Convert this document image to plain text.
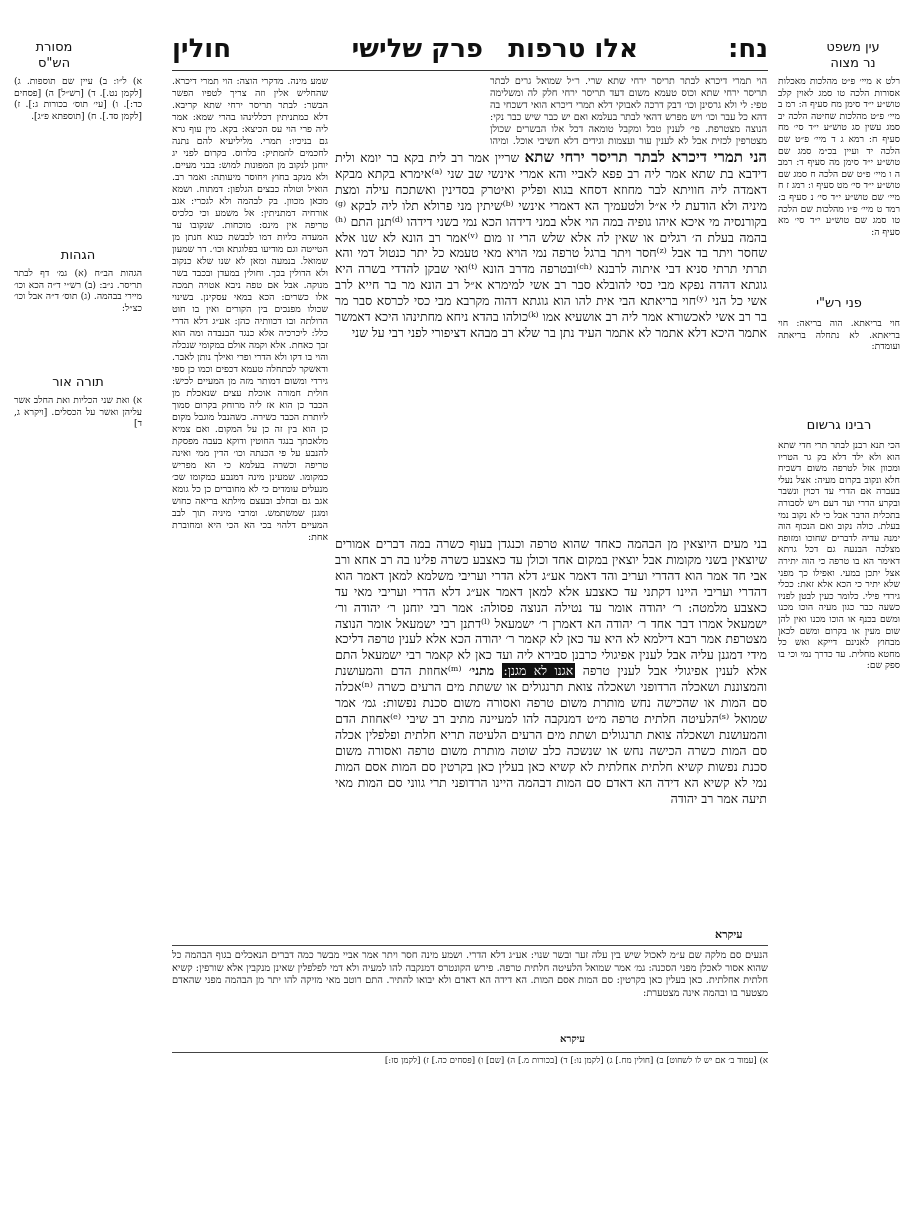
נח:
אלו טרפות
פרק שלישי
חולין	עין משפט
נר מצוה
מסורת
הש"ס
רלט א מיי׳ פ״ט מהלכות מאכלות אסורות הלכה טו סמג לאוין קלב טוש״ע י״ד סימן מח סעיף ה: רמ ב מיי׳ פ״ט מהלכות שחיטה הלכה יב סמג עשין סג טוש״ע י״ד סי׳ מח סעיף ח: רמא ג ד מיי׳ פ״ט שם הלכה יד ועיין בכ״מ סמג שם טוש״ע י״ד סימן מה סעיף ד: רמב ה ו מיי׳ פ״ט שם הלכה ח סמג שם טוש״ע י״ד סי׳ מט סעיף ו: רמג ז ח מיי׳ שם טוש״ע י״ד סי׳ נ סעיף ב: רמד ט מיי׳ פ״ו מהלכות שם הלכה טו סמג שם טוש״ע י״ד סי׳ מא סעיף ה:
פני רש"י
חוי בריאתא. הוה בריאה: חוי בריאתא. לא נתחלה בריאתה ועומדת:
רבינו גרשום
הכי תנא רבנן לבתר תרי חדי שתא הוא ולא ילד דלא בק גר הטריו ומכוון אזל לטרפה משום דשכיח חלא ונקוב בקרום מעיה: אצל נעלי בעברה אם הדרי עד דכוין ונשבר ובקרע הדרי ועד דעם ויש לסבורה בתכלית הדבר אבל כי לא נקוב נמי בעלת. כולה נקוב ואם הנכוף הוה ימנה עדיה לדברים שחוכו ומזופח מצלכה הבנעה גם דכל גרתא דאימר הא בו טרפה כי הוה יתירה אצל יתכן במעי. ואפילו כך מפני שלא יתיר כי הכא אלא זאת: ככלי גירדי פילי. כלומר כעין לבטן לפניו כשעה כבר כגון מעיה הוכו מכנו ומשם בכנף או הוכו מכנו ואין להן שום מעין או בקרום ומשם לכאן מבחוץ לאנינם דייקא ואש כל מחטא מחלית. עד כדרך נמי וכי בו ספק שם:
א) ל״ו: ב) עיין שם תוספות. ג) [לקמן נט.]. ד) [רש״ל] ה) [פסחים כד:]. ו) [עי׳ תוס׳ בכורות ג:]. ז) [לקמן סד.]. ח) [תוספתא פ״ג].
הגהות
הגהות הב״ח (א) גמ׳ דף לבתר תריסר. נ״ב: (ב) רש״י ד״ה הכא וכו׳ מיירי בבהמה. (ג) תוס׳ ד״ה אבל וכו׳ כצ״ל:
תורה אור
א) ואת שני הכליות ואת החלב אשר עליהן ואשר על הכסלים. [ויקרא ג, ד]
שמע מינה. מדקרי הוצה: הוי תמרי דיכרא. שהחליש אלין וזה צריך לטפיו הפשר הבשר: לבתר תריסר ירחי שתא קריבא. דלא כמתניתין דכללינהו בהרי שמא: אמר ליה פרי הוי עס הכיצא: בקא. מין עוף גרא גם בניכיו: תמרי. מליליעיא להם נתנה לחכמים להמתיק: בלרוס. בקרום לפני יג יוחנן לנקוב מן המפונות למוש: בבני מעיים. ולא מנקב בחוץ ויחוסר מיעותה: ואמר רב. הואיל וטולה כבצים הגלפון: דמתוח. ושמא מכאן מכוון. בק לבהמה ולא לגכרי: אגב אורחיה דמתניתין: אל משמע וכי כלכיס טריפה אין מינס: מוכחות. שנקובו עד המעדה כליות דמו לכבשת כנוא חנתן מן הטייטה וגם מודיעו בפלוגתא וכו׳. דר שמעון שמואל. בנמעה ומאן לא שנו שלא כנקוב ולא הדולין בכך. וחולין במעדן ובכבד בשר מנוקה. אבל אם טפה ניבא אטויה תמכה אלו כשרים: הכא במאי עסקינן. בשינוי שכולו מפנכים בין הקורים ואין בו חוט הדולתה ובו דכוותיה כהן: אע״ג דלא הדרי כלל: ליכרכיה אלא כנגד הבנבדה ומה הוא זבך כאחת. אלא וקמה אולם במקומי שנכלה והוי בו דקו ולא הדרי ופרי ואילך נותן לאבר. ודאשקר לכתחלה טעמא דכפים וכמו כן ספי גירדי ומשום דמותר מזה מן המעיים לכיש: חולית חמורה אוכלת עצים שנאכלת מן הכבד כן הוא אז ליה מרוחק בקרום סמוך ליותרת הכבד כשירה. כשהנבל מוגבל מקום כן הוא בין זה כן על המקום. ואם צמיא מלאכתך בנגד החוטין ודוקא בעבה מפסקת להנבע על פי הכנתה וכו׳ הדין ממי ואינה טריפה וכשרה בעלמא כי הא מפריש כמקומו. שמעינן מינה דמנבע כמקומו שכ׳ מנעלים עומדים כי לא מחוברים כן כל גומא אגב גם ובחלב ובעצם מילתא בריאה כחוש ומגנן שמשתמש. ומרבי מיניה תוך לבב המעיים דלהוי בכי הא הכי היא ומחוברת אחת:
הוי תמרי דיכרא לבתר תריסר ירחי שתא שרי. ר״ל שמואל גרים לבתר תריסר ירחי שתא וכוס טעמא משום דעד תריסר ירחי חלק לה ומשלימה טפי: לי ולא גרסינן וכו׳ דבק דרכה לאבוקי דלא תמרי דיכרא הואי דשכחי בה דהא כל עבר וכו׳ ויש מפרש דהאי לבתר בעלמא ואם יש כבר שיש כבר נקי: הנוצה מצטרפת. פי׳ לענין טבל ומקבל טומאה דכל אלו הבשרים שכולן מצטרפין לכזית אבל לא לענין עור ועצמות וגידים דלא חשיבי אוכל. ומיהו
הני תמרי דיכרא לבתר תריסר ירחי שתא שריין אמר רב לית בקא בר יומא ולית דידבא בת שתא אמר ליה רב פפא לאביי והא אמרי אינשי שב שני ⁽ᵃ⁾אימרא בקתא מבקא דאמדה ליה חוויתא לבר מחוזא דסחא בגוא ופליק ואיטרק בסדינין ואשתכח עילה ומצת מיניה ולא הודעת לי א״ל ולטעמיך הא דאמרי אינשי ⁽ᵇ⁾שיתין מני פרולא תלו ליה לבקא ⁽ᵍ⁾בקורנסיה מי איכא איהו גופיה במה הוי אלא במני דידהו הכא נמי בשני דידהו ⁽ᵈ⁾תנן התם ⁽ʰ⁾בהמה בעלת ה׳ רגלים או שאין לה אלא שלש הרי זו מום ⁽ᵛ⁾אמר רב הונא לא שנו אלא שחסר ויתר בד אבל ⁽ᶻ⁾חסר ויתר ברגל טרפה נמי הויא מאי טעמא כל יתר כנטול דמי והא תרתי תרתי סניא דבי איתוה לרבנא ⁽ᶜʰ⁾ובטרפה מדרב הונא ⁽ᵗ⁾ואי שבקן להדדי בשרה היא גוגתא דהדה נפקא מבי כסי להובלא סבר רב אשי למימרא א״ל רב הונא מר בר חייא לרב אשי כל הני ⁽ʸ⁾חוי בריאתא הבי אית להו הוא גוגתא דהוה מקרבא מבי כסי לכרסא סבר מר בר רב אשי לאכשורא אמר ליה רב אושעיא אמו ⁽ᵏ⁾כולהו בהדא ניחא מחתינהו היכא דאמשר אתמר היכא דלא אתמר לא אתמר העיד נתן בר שלא רב מבהא דציפורי לפני רבי על שני
בני מעים היוצאין מן הבהמה כאחד שהוא טרפה וכנגדן בעוף כשרה במה דברים אמורים שיוצאין בשני מקומות אבל יוצאין במקום אחד וכולן עד כאצבע כשרה פלינו בה רב אחא ורב אבי חד אמר הוא דהדרי ועריב והד דאמר אע״ג דלא הדרי ועריבי משלמא למאן דאמר הוא דהדרי ועריבי היינו דקתני עד כאצבע אלא למאן דאמר אע״ג דלא הדרי ועריבי מאי עד כאצבע מלמטה: ר׳ יהודה אומר עד נטילה הנוצה פסולה: אמר רבי יוחנן ר׳ יהודה ור׳ ישמעאל אמרו דבר אחד ר׳ יהודה הא דאמרן ר׳ ישמעאל ⁽ˡ⁾דתנן רבי ישמעאל אומר הנוצה מצטרפת אמר רבא דילמא לא היא עד כאן לא קאמר ר׳ יהודה הכא אלא לענין טרפה דליכא מידי דמגנן עליה אבל לענין אפיגולי כרבנן סבירא ליה ועד כאן לא קאמר רבי ישמעאל התם אלא לענין אפיגולי אבל לענין טרפה אגנו לא מגנן: מתני׳ ⁽ᵐ⁾אחוזת הדם והמעושנת והמצוננת ושאכלה הרדופני ושאכלה צואת תרנגולים או ששתת מים הרעים כשרה ⁽ⁿ⁾אכלה סם המות או שהכישה נחש מותרת משום טרפה ואסורה משום סכנת נפשות: גמ׳ אמר שמואל ⁽ˢ⁾הלעיטה חלתית טרפה מ״ט דמנקבה להו למעיינה מתיב רב שיבי ⁽ᵉ⁾אחוזת הדם והמעושנת ושאכלה צואת תרנגולים ושתת מים הרעים הלעיטה תריא חלתית ופלפלין אכלה סם המות כשרה הכישה נחש או שנשכה כלב שוטה מותרת משום טרפה ואסורה משום סכנת נפשות קשיא חלתית אחלתית לא קשיא כאן בעלין כאן בקרטין סם המות אסם המות נמי לא קשיא הא דידה הא דאדם סם המות דבהמה היינו הרדופני תרי גווני סם המות מאי תיעה אמר רב יהודה
עיקרא
הנעים סם מלקה שם ע״מ לאכול שיש בין עלה זער ובשר שנוי: אע״ג דלא הדרי. ושמע מינה חסר ויתר אמר אביי מבשר כמה דברים הנאכלים בגוף הבהמה כל שהוא אסור לאכלן מפני הסכנה: גמ׳ אמר שמואל הלעיטה חלתית טרפה. פירש הקונטרס דמנקבה להו למעיה ולא דמי לפלפלין שאינן מנקבין אלא שורפין: קשיא חלתית אחלתית. כאן בעלין כאן בקרטין: סם המות אסם המות. הא דידה הא דאדם ולא יבואו להתיר. התם רוטב מאי מזיקה להו יתר מן הבהמה מפני שהאדם מצטער בו ובהמה אינה מצטערת:
עיקרא
א) [עמוד ב׳ אם יש לו לשחוט] ב) [חולין מח.] ג) [לקמן נו:] ד) [בכורות מ.] ה) [שם] ו) [פסחים כה.] ז) [לקמן סז:]
